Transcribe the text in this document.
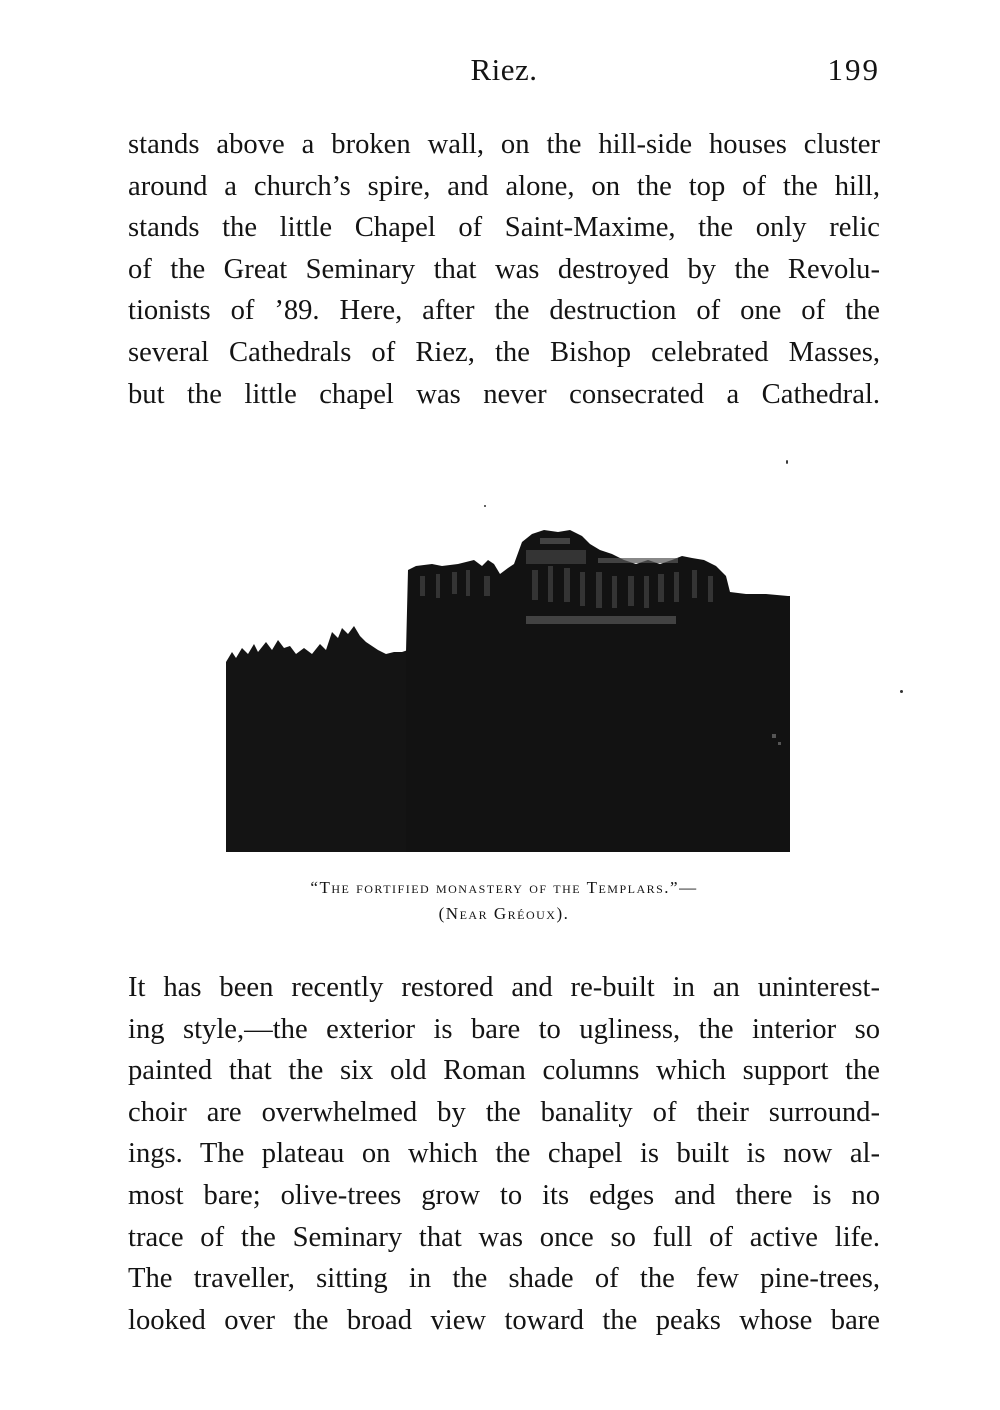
Riez.	199
stands above a broken wall, on the hill-side houses cluster
around a church’s spire, and alone, on the top of the hill,
stands the little Chapel of Saint-Maxime, the only relic
of the Great Seminary that was destroyed by the Revolu-
tionists of ’89. Here, after the destruction of one of the
several Cathedrals of Riez, the Bishop celebrated Masses,
but the little chapel was never consecrated a Cathedral.
“The fortified monastery of the Templars.”—
(Near Gréoux).
It has been recently restored and re-built in an uninterest-
ing style,—the exterior is bare to ugliness, the interior so
painted that the six old Roman columns which support the
choir are overwhelmed by the banality of their surround-
ings. The plateau on which the chapel is built is now al-
most bare; olive-trees grow to its edges and there is no
trace of the Seminary that was once so full of active life.
The traveller, sitting in the shade of the few pine-trees,
looked over the broad view toward the peaks whose bare
